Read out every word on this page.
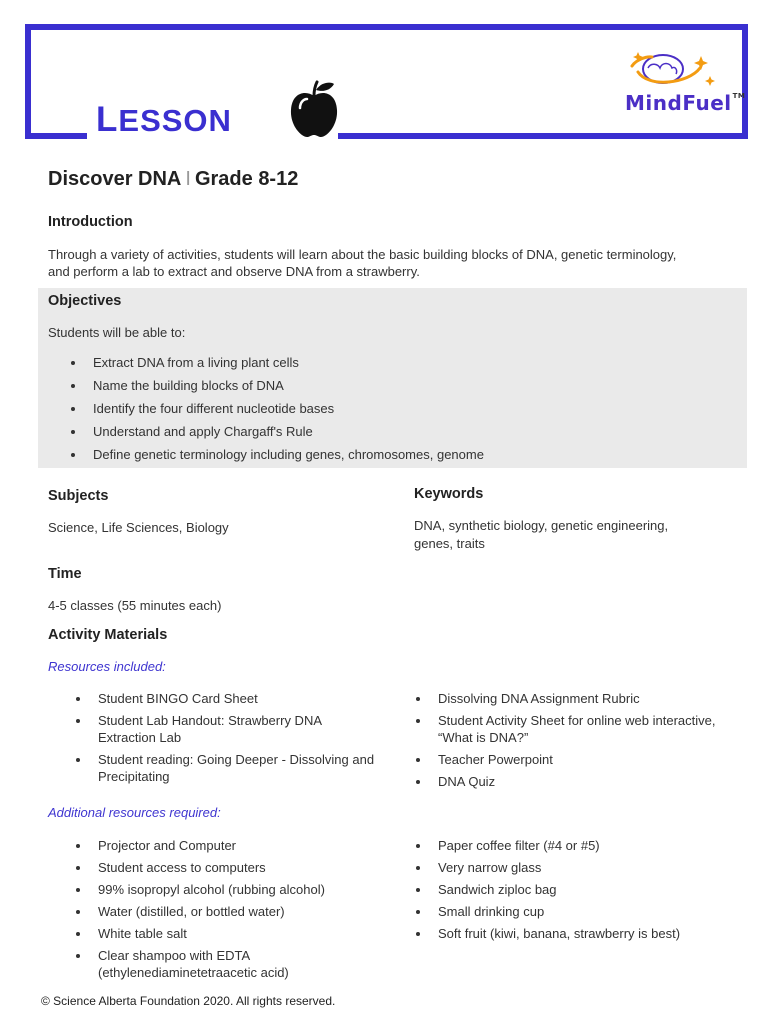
LESSON	MindFuel™
Discover DNA I Grade 8-12
Introduction
Through a variety of activities, students will learn about the basic building blocks of DNA, genetic terminology,
and perform a lab to extract and observe DNA from a strawberry.
Objectives
Students will be able to:
Extract DNA from a living plant cells
Name the building blocks of DNA
Identify the four different nucleotide bases
Understand and apply Chargaff's Rule
Define genetic terminology including genes, chromosomes, genome
Subjects
Science, Life Sciences, Biology
Keywords
DNA, synthetic biology, genetic engineering,
genes, traits
Time
4-5 classes (55 minutes each)
Activity Materials
Resources included:
Student BINGO Card Sheet
Student Lab Handout: Strawberry DNA
Extraction Lab
Student reading: Going Deeper - Dissolving and
Precipitating
Dissolving DNA Assignment Rubric
Student Activity Sheet for online web interactive,
“What is DNA?”
Teacher Powerpoint
DNA Quiz
Additional resources required:
Projector and Computer
Student access to computers
99% isopropyl alcohol (rubbing alcohol)
Water (distilled, or bottled water)
White table salt
Clear shampoo with EDTA
(ethylenediaminetetraacetic acid)
Paper coffee filter (#4 or #5)
Very narrow glass
Sandwich ziploc bag
Small drinking cup
Soft fruit (kiwi, banana, strawberry is best)
© Science Alberta Foundation 2020. All rights reserved.
